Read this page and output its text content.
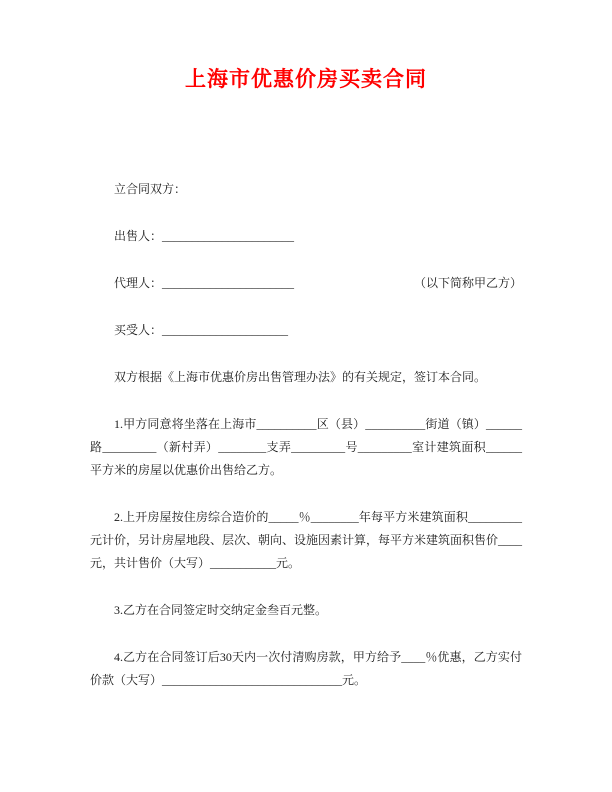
上海市优惠价房买卖合同

立合同双方：

出售人：______________________

代理人：______________________	（以下简称甲乙方）

买受人：_____________________

双方根据《上海市优惠价房出售管理办法》的有关规定，签订本合同。

1.甲方同意将坐落在上海市__________区（县）__________街道（镇）______路_________（新村弄）________支弄_________号_________室计建筑面积______平方米的房屋以优惠价出售给乙方。

2.上开房屋按住房综合造价的_____％________年每平方米建筑面积_________元计价，另计房屋地段、层次、朝向、设施因素计算，每平方米建筑面积售价____元，共计售价（大写）___________元。

3.乙方在合同签定时交纳定金叁百元整。

4.乙方在合同签订后30天内一次付清购房款，甲方给予____％优惠，乙方实付价款（大写）______________________________元。
